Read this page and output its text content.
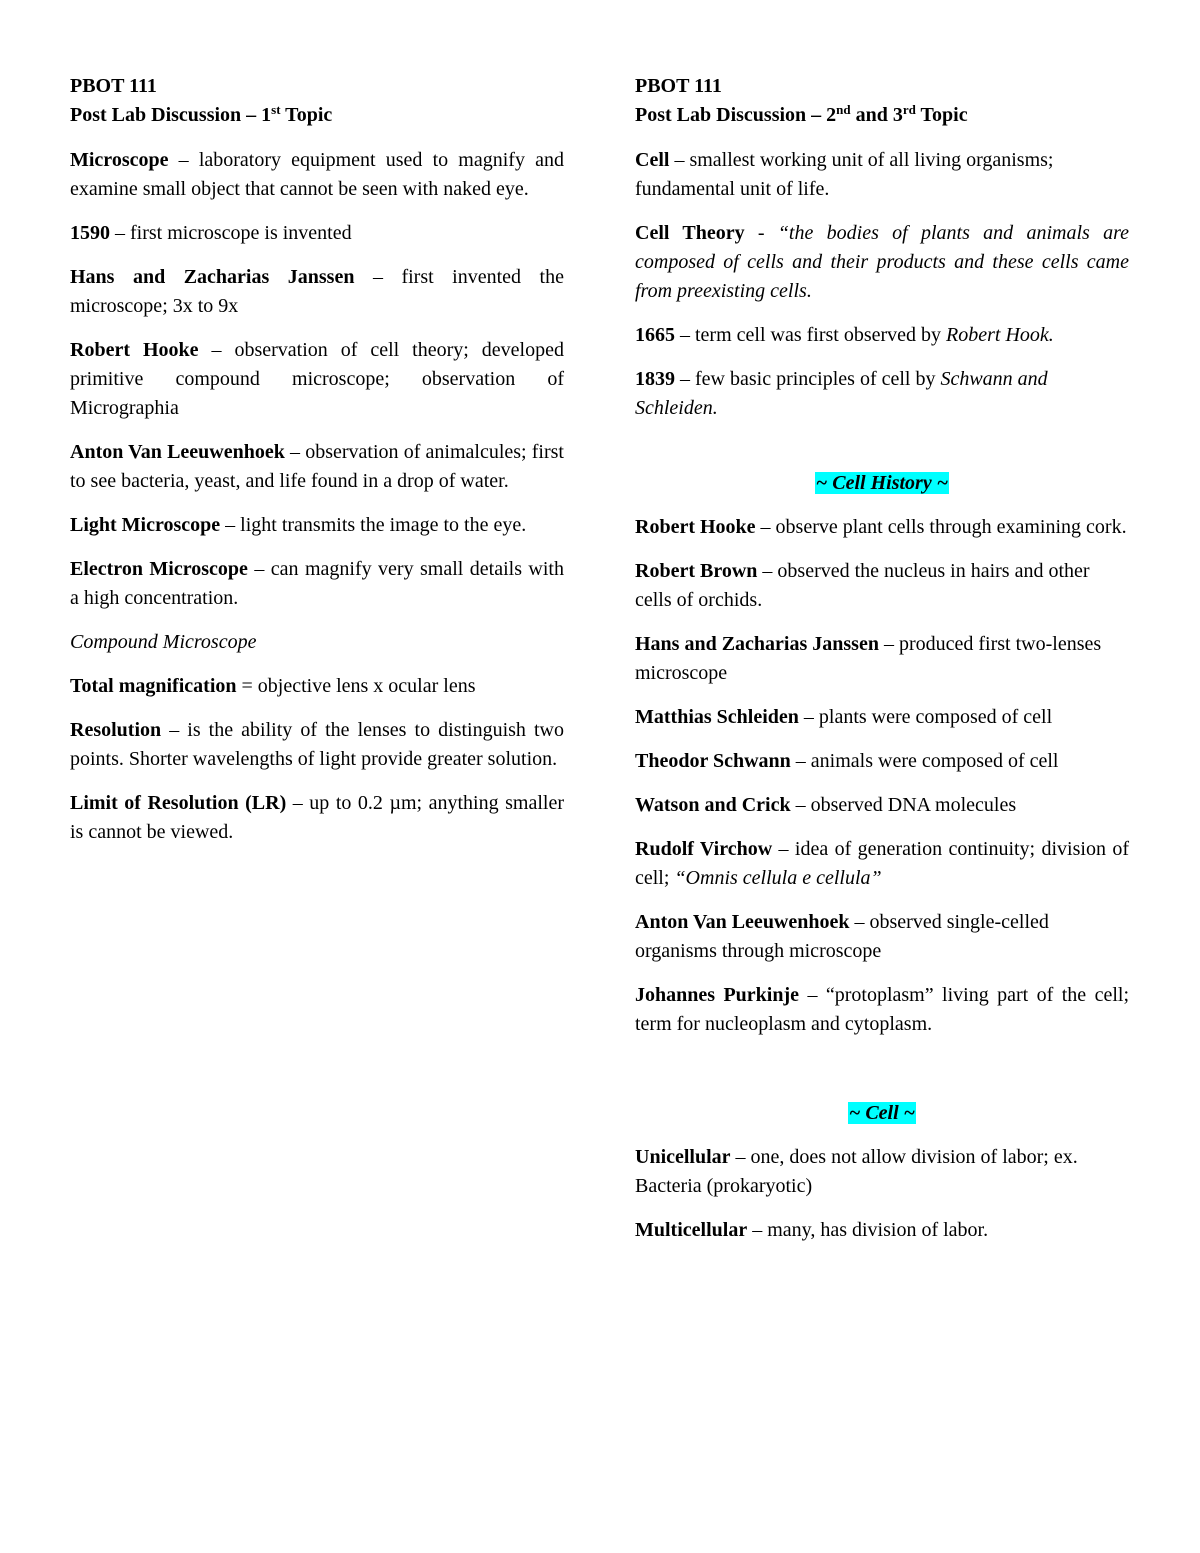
PBOT 111

Post Lab Discussion – 1st Topic

Microscope – laboratory equipment used to magnify and examine small object that cannot be seen with naked eye.

1590 – first microscope is invented

Hans and Zacharias Janssen – first invented the microscope; 3x to 9x

Robert Hooke – observation of cell theory; developed primitive compound microscope; observation of Micrographia

Anton Van Leeuwenhoek – observation of animalcules; first to see bacteria, yeast, and life found in a drop of water.

Light Microscope – light transmits the image to the eye.

Electron Microscope – can magnify very small details with a high concentration.

Compound Microscope

Total magnification = objective lens x ocular lens

Resolution – is the ability of the lenses to distinguish two points. Shorter wavelengths of light provide greater solution.

Limit of Resolution (LR) – up to 0.2 µm; anything smaller is cannot be viewed.

PBOT 111

Post Lab Discussion – 2nd and 3rd Topic

Cell – smallest working unit of all living organisms; fundamental unit of life.

Cell Theory - “the bodies of plants and animals are composed of cells and their products and these cells came from preexisting cells.

1665 – term cell was first observed by Robert Hook.

1839 – few basic principles of cell by Schwann and Schleiden.

~ Cell History ~

Robert Hooke – observe plant cells through examining cork.

Robert Brown – observed the nucleus in hairs and other cells of orchids.

Hans and Zacharias Janssen – produced first two-lenses microscope

Matthias Schleiden – plants were composed of cell

Theodor Schwann – animals were composed of cell

Watson and Crick – observed DNA molecules

Rudolf Virchow – idea of generation continuity; division of cell; “Omnis cellula e cellula”

Anton Van Leeuwenhoek – observed single-celled organisms through microscope

Johannes Purkinje – “protoplasm” living part of the cell; term for nucleoplasm and cytoplasm.

~ Cell ~

Unicellular – one, does not allow division of labor; ex. Bacteria (prokaryotic)

Multicellular – many, has division of labor.
